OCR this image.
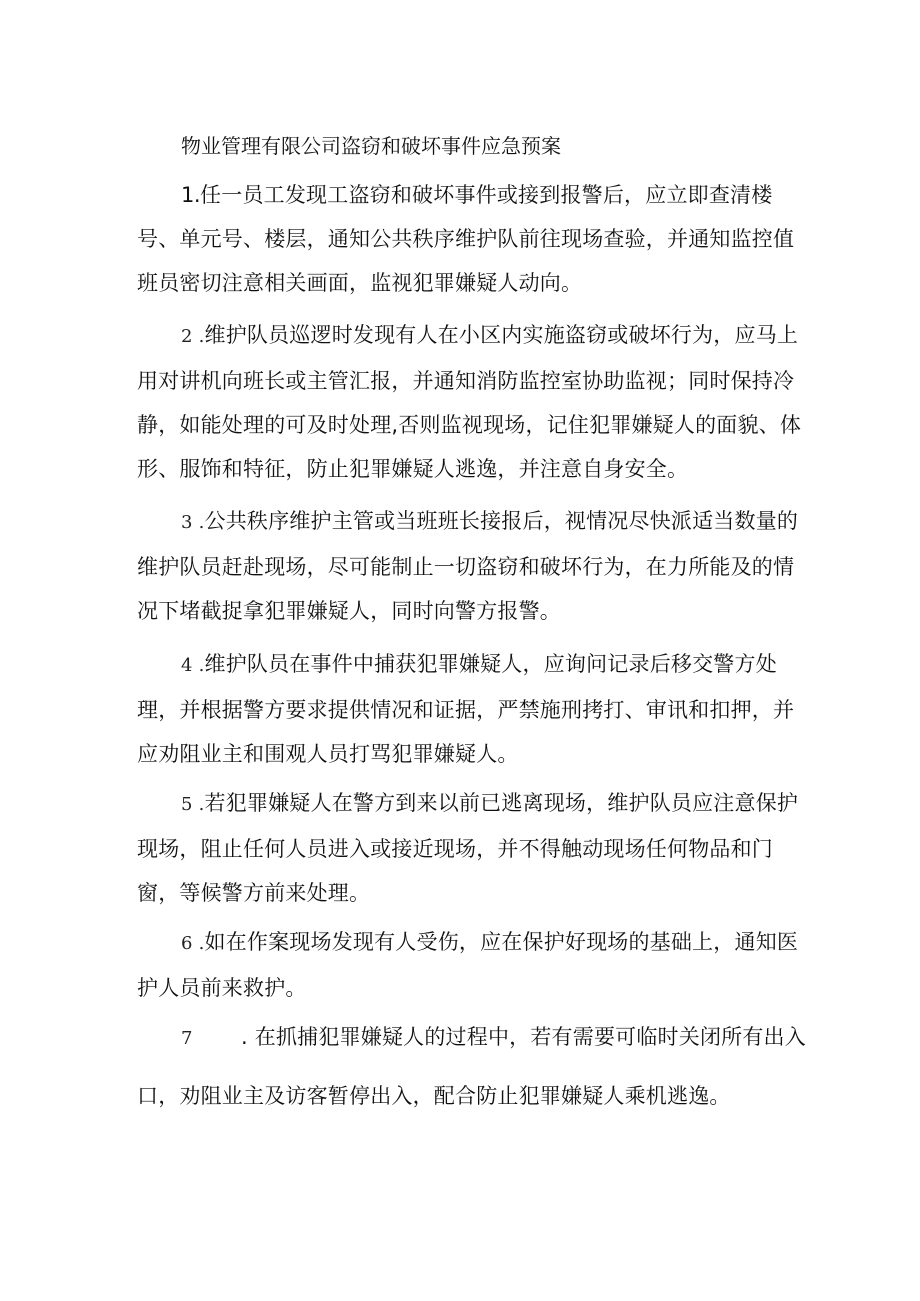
物业管理有限公司盗窃和破坏事件应急预案
1.任一员工发现工盗窃和破坏事件或接到报警后，应立即查清楼号、单元号、楼层，通知公共秩序维护队前往现场查验，并通知监控值班员密切注意相关画面，监视犯罪嫌疑人动向。
2 .维护队员巡逻时发现有人在小区内实施盗窃或破坏行为，应马上用对讲机向班长或主管汇报，并通知消防监控室协助监视；同时保持冷静，如能处理的可及时处理,否则监视现场，记住犯罪嫌疑人的面貌、体形、服饰和特征，防止犯罪嫌疑人逃逸，并注意自身安全。
3 .公共秩序维护主管或当班班长接报后，视情况尽快派适当数量的维护队员赶赴现场，尽可能制止一切盗窃和破坏行为，在力所能及的情况下堵截捉拿犯罪嫌疑人，同时向警方报警。
4 .维护队员在事件中捕获犯罪嫌疑人，应询问记录后移交警方处理，并根据警方要求提供情况和证据，严禁施刑拷打、审讯和扣押，并应劝阻业主和围观人员打骂犯罪嫌疑人。
5 .若犯罪嫌疑人在警方到来以前已逃离现场，维护队员应注意保护现场，阻止任何人员进入或接近现场，并不得触动现场任何物品和门窗，等候警方前来处理。
6 .如在作案现场发现有人受伤，应在保护好现场的基础上，通知医护人员前来救护。
7 . 在抓捕犯罪嫌疑人的过程中，若有需要可临时关闭所有出入
口，劝阻业主及访客暂停出入，配合防止犯罪嫌疑人乘机逃逸。
